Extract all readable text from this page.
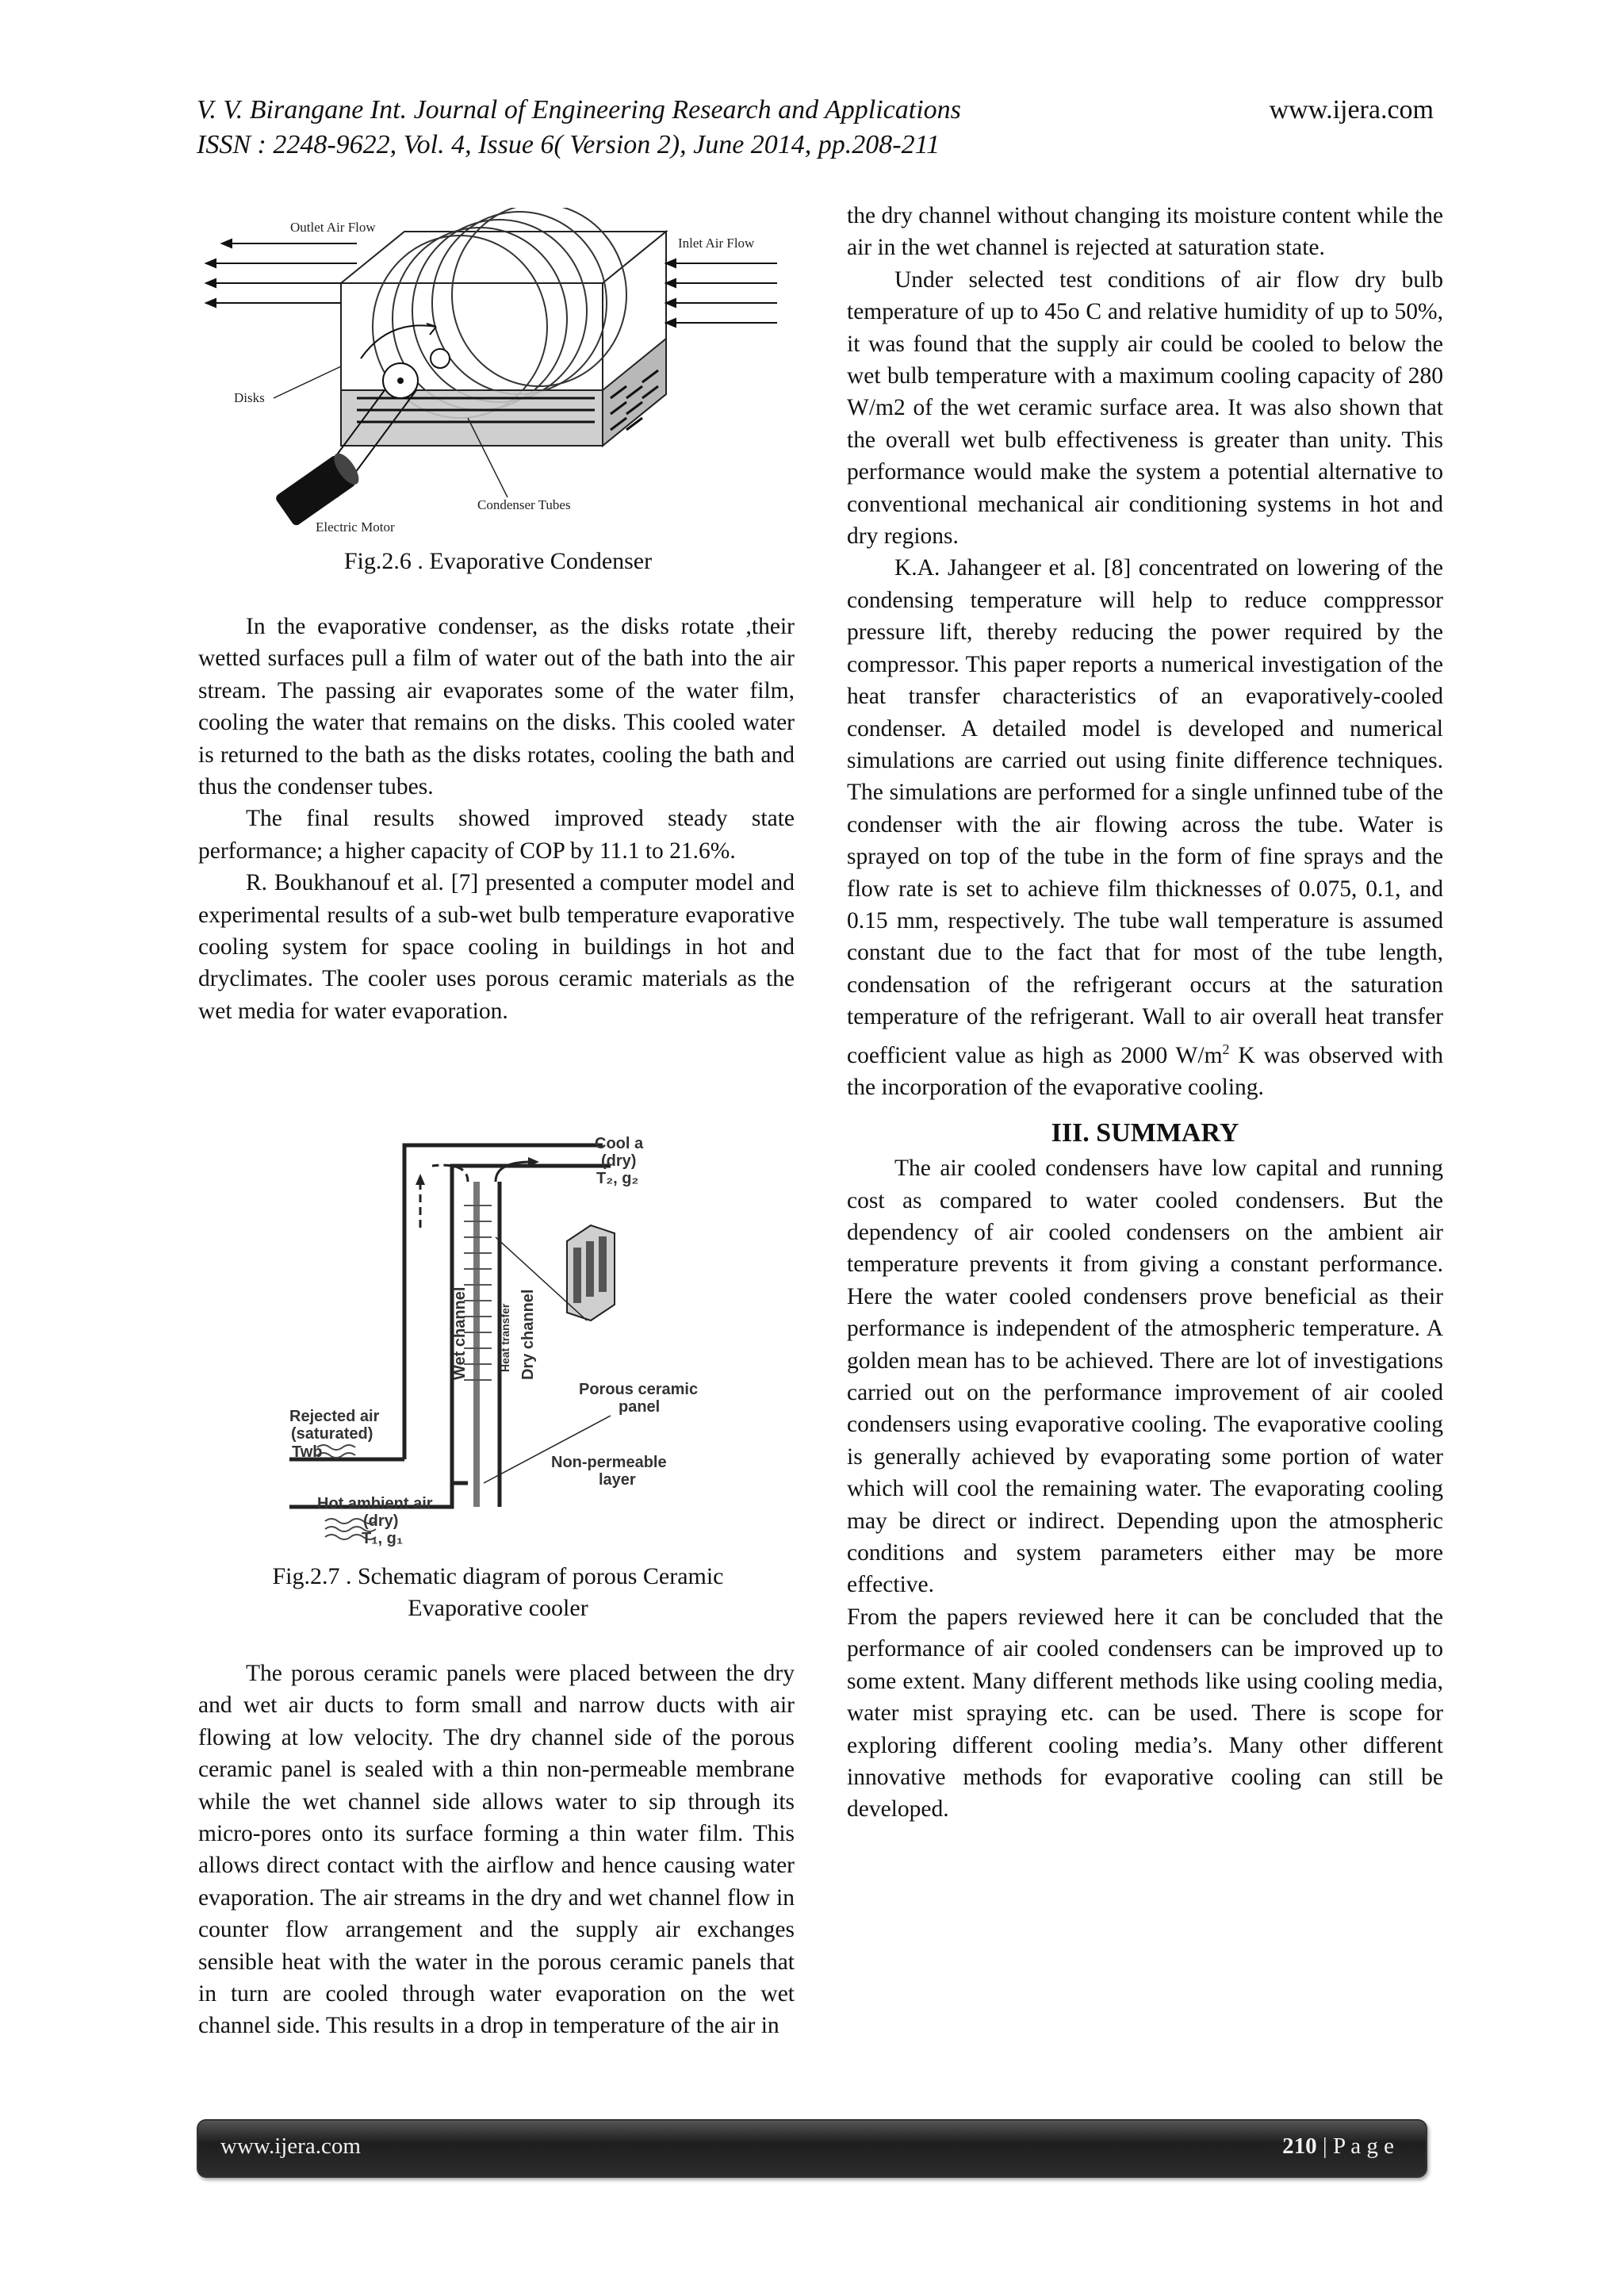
V. V. Birangane Int. Journal of Engineering Research and Applications	www.ijera.com
ISSN : 2248-9622, Vol. 4, Issue 6( Version 2), June 2014, pp.208-211
Outlet Air Flow
Inlet Air Flow
Disks
Electric Motor
Condenser Tubes
Fig.2.6 . Evaporative Condenser

In the evaporative condenser, as the disks rotate ,their wetted surfaces pull a film of water out of the bath into the air stream. The passing air evaporates some of the water film, cooling the water that remains on the disks. This cooled water is returned to the bath as the disks rotates, cooling the bath and thus the condenser tubes.

The final results showed improved steady state performance; a higher capacity of COP by 11.1 to 21.6%.

R. Boukhanouf et al. [7] presented a computer model and experimental results of a sub-wet bulb temperature evaporative cooling system for space cooling in buildings in hot and dryclimates. The cooler uses porous ceramic materials as the wet media for water evaporation.

Cool a
(dry)
T₂, g₂
Wet channel	Heat transfer Dry channel
Porous ceramic
panel
Rejected air
(saturated)
Twb
Non-permeable
layer
Hot ambient air
(dry)
T₁, g₁
Fig.2.7 . Schematic diagram of porous Ceramic
Evaporative cooler

The porous ceramic panels were placed between the dry and wet air ducts to form small and narrow ducts with air flowing at low velocity. The dry channel side of the porous ceramic panel is sealed with a thin non-permeable membrane while the wet channel side allows water to sip through its micro-pores onto its surface forming a thin water film. This allows direct contact with the airflow and hence causing water evaporation. The air streams in the dry and wet channel flow in counter flow arrangement and the supply air exchanges sensible heat with the water in the porous ceramic panels that in turn are cooled through water evaporation on the wet channel side. This results in a drop in temperature of the air in

the dry channel without changing its moisture content while the air in the wet channel is rejected at saturation state.

Under selected test conditions of air flow dry bulb temperature of up to 45o C and relative humidity of up to 50%, it was found that the supply air could be cooled to below the wet bulb temperature with a maximum cooling capacity of 280 W/m2 of the wet ceramic surface area. It was also shown that the overall wet bulb effectiveness is greater than unity. This performance would make the system a potential alternative to conventional mechanical air conditioning systems in hot and dry regions.

K.A. Jahangeer et al. [8] concentrated on lowering of the condensing temperature will help to reduce comppressor pressure lift, thereby reducing the power required by the compressor. This paper reports a numerical investigation of the heat transfer characteristics of an evaporatively-cooled condenser. A detailed model is developed and numerical simulations are carried out using finite difference techniques. The simulations are performed for a single unfinned tube of the condenser with the air flowing across the tube. Water is sprayed on top of the tube in the form of fine sprays and the flow rate is set to achieve film thicknesses of 0.075, 0.1, and 0.15 mm, respectively. The tube wall temperature is assumed constant due to the fact that for most of the tube length, condensation of the refrigerant occurs at the saturation temperature of the refrigerant. Wall to air overall heat transfer coefficient value as high as 2000 $W/m^2$ K was observed with the incorporation of the evaporative cooling.

III. SUMMARY

The air cooled condensers have low capital and running cost as compared to water cooled condensers. But the dependency of air cooled condensers on the ambient air temperature prevents it from giving a constant performance. Here the water cooled condensers prove beneficial as their performance is independent of the atmospheric temperature. A golden mean has to be achieved. There are lot of investigations carried out on the performance improvement of air cooled condensers using evaporative cooling. The evaporative cooling is generally achieved by evaporating some portion of water which will cool the remaining water. The evaporating cooling may be direct or indirect. Depending upon the atmospheric conditions and system parameters either may be more effective.

From the papers reviewed here it can be concluded that the performance of air cooled condensers can be improved up to some extent. Many different methods like using cooling media, water mist spraying etc. can be used. There is scope for exploring different cooling media’s. Many other different innovative methods for evaporative cooling can still be developed.

www.ijera.com	210 | P a g e
